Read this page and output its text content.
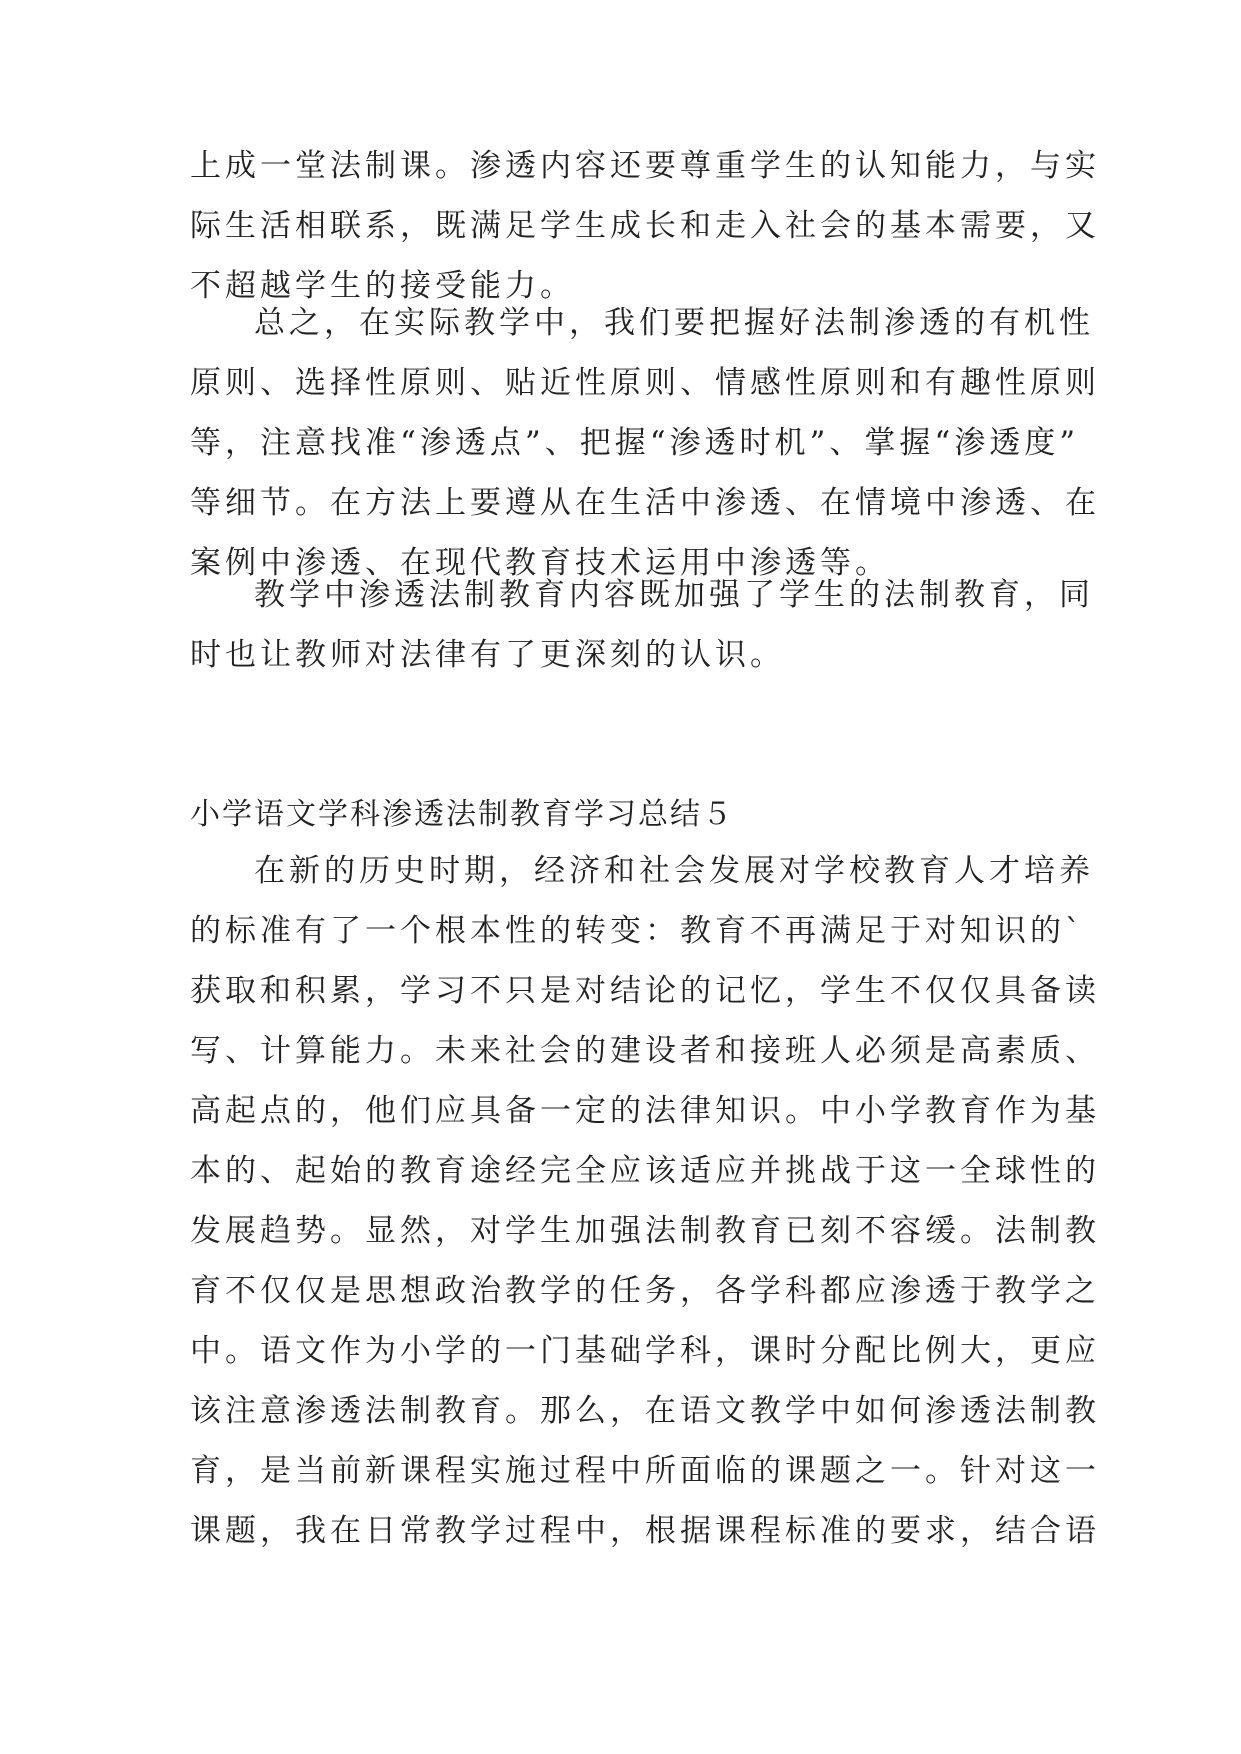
上成一堂法制课。渗透内容还要尊重学生的认知能力，与实
际生活相联系，既满足学生成长和走入社会的基本需要，又
不超越学生的接受能力。
总之，在实际教学中，我们要把握好法制渗透的有机性
原则、选择性原则、贴近性原则、情感性原则和有趣性原则
等，注意找准“渗透点”、把握“渗透时机”、掌握“渗透度”
等细节。在方法上要遵从在生活中渗透、在情境中渗透、在
案例中渗透、在现代教育技术运用中渗透等。
教学中渗透法制教育内容既加强了学生的法制教育，同
时也让教师对法律有了更深刻的认识。
小学语文学科渗透法制教育学习总结５
在新的历史时期，经济和社会发展对学校教育人才培养
的标准有了一个根本性的转变：教育不再满足于对知识的`
获取和积累，学习不只是对结论的记忆，学生不仅仅具备读
写、计算能力。未来社会的建设者和接班人必须是高素质、
高起点的，他们应具备一定的法律知识。中小学教育作为基
本的、起始的教育途经完全应该适应并挑战于这一全球性的
发展趋势。显然，对学生加强法制教育已刻不容缓。法制教
育不仅仅是思想政治教学的任务，各学科都应渗透于教学之
中。语文作为小学的一门基础学科，课时分配比例大，更应
该注意渗透法制教育。那么，在语文教学中如何渗透法制教
育，是当前新课程实施过程中所面临的课题之一。针对这一
课题，我在日常教学过程中，根据课程标准的要求，结合语
